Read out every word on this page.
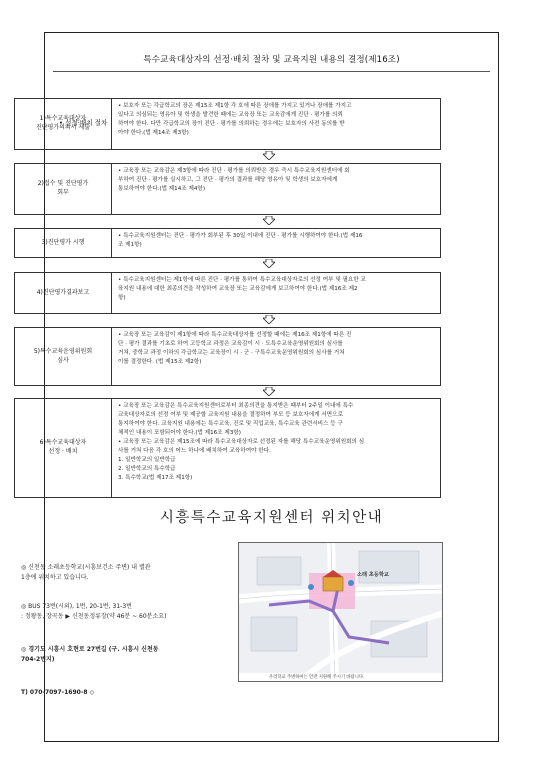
특수교육대상자의 선정·배치 절차 및 교육지원 내용의 결정(제16조)
• 선정·배치 절차
1)특수교육대상자
진단평가의뢰서 제출

• 보호자 또는 각급학교의 장은 제15조 제1항 각 호에 따른 장애를 가지고 있거나 장애를 가지고

있다고 의심되는 영유아 및 학생을 발견한 때에는 교육장 또는 교육감에게 진단 · 평가를 의뢰

하여야 한다. 다만 각급학교의 장이 진단 · 평가를 의뢰하는 경우에는 보호자의 사전 동의를 받

아야 한다.(법 제14조 제3항)

2)접수 및 진단평가
회부

• 교육장 또는 교육감은 제3항에 따라 진단 · 평가를 의뢰받은 경우 즉시 특수교육지원센터에 회

부하여 진단 · 평가를 실시하고, 그 진단 · 평가의 결과를 해당 영유아 및 학생의 보호자에게

통보하여야 한다.(법 제14조 제4항)

3)진단평가 시행

• 특수교육지원센터는 진단 · 평가가 회부된 후 30일 이내에 진단 · 평가를 시행하여야 한다.(법 제16

조 제1항)

4)진단평가결과보고

• 특수교육지원센터는 제1항에 따른 진단 · 평가를 통하여 특수교육대상자로의 선정 여부 및 필요한 교

육지원 내용에 대한 최종의견을 작성하여 교육장 또는 교육감에게 보고하여야 한다.(법 제16조 제2

항)

5)특수교육운영위원회
심사

• 교육장 또는 교육감이 제1항에 따라 특수교육대상자를 선정할 때에는 제16조 제1항에 따른 진

단 · 평가 결과를 기초로 하여 고등학교 과정은 교육감이 시 · 도특수교육운영위원회의 심사를

거쳐, 중학교 과정 이하의 각급학교는 교육장이 시 · 군 · 구특수교육운영위원회의 심사를 거쳐

이를 결정한다. (법 제15조 제2항)

6)특수교육대상자
선정 · 배치

• 교육장 또는 교육감은 특수교육지원센터로부터 최종의견을 통지받은 때부터 2주일 이내에 특수

교육대상자로의 선정 여부 및 제공할 교육지원 내용을 결정하여 부모 등 보호자에게 서면으로

통지하여야 한다. 교육지원 내용에는 특수교육, 진로 및 직업교육, 특수교육 관련서비스 등 구

체적인 내용이 포함되어야 한다.(법 제16조 제3항)

• 교육장 또는 교육감은 제15조에 따라 특수교육대상자로 선정된 자를 해당 특수교육운영위원회의 심

사를 거쳐 다음 각 호의 어느 하나에 배치하여 교육하여야 한다.

1. 일반학교의 일반학급

2. 일반학교의 특수학급

3. 특수학교(법 제17조 제1항)

시흥특수교육지원센터 위치안내
◎ 신천동 소래초등학교(시흥보건소 주변) 내 별관
1층에 위치하고 있습니다.
◎ BUS 73번(시외), 1번, 20-1번, 31-3번
: 정왕동, 장곡동 ▶ 신천동정류장(약 46분 ~ 60분소요)
◎ 경기도 시흥시 호현로 27번길 (구. 시흥시 신천동
704-2번지)
T) 070-7097-1690-8 ◇
소래 초등학교
우리학교 주변하여는 안전 지원해 주시기 바랍니다.
